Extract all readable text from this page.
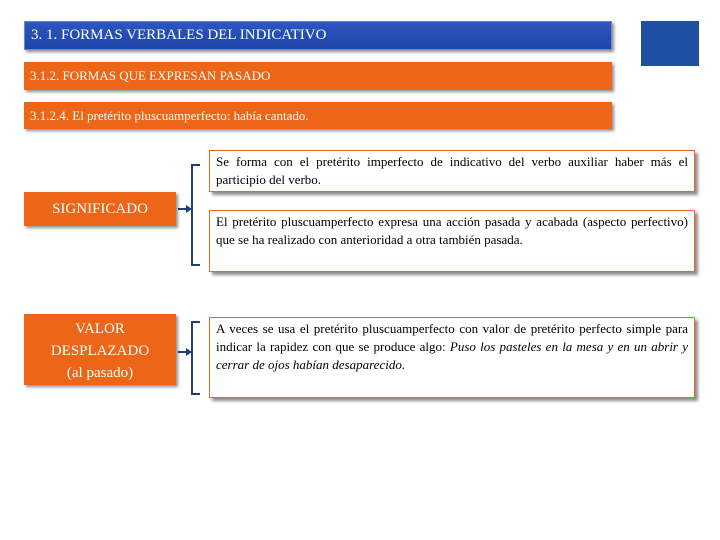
3. 1. FORMAS VERBALES DEL INDICATIVO
3.1.2. FORMAS QUE EXPRESAN PASADO
3.1.2.4. El pretérito pluscuamperfecto: había cantado.
SIGNIFICADO
VALOR
DESPLAZADO
(al pasado)
Se forma con el pretérito imperfecto de indicativo del verbo auxiliar haber más el participio del verbo.
El pretérito pluscuamperfecto expresa una acción pasada y acabada (aspecto perfectivo) que se ha realizado con anterioridad a otra también pasada.
A veces se usa el pretérito pluscuamperfecto con valor de pretérito perfecto simple para indicar la rapidez con que se produce algo: Puso los pasteles en la mesa y en un abrir y cerrar de ojos habían desaparecido.
